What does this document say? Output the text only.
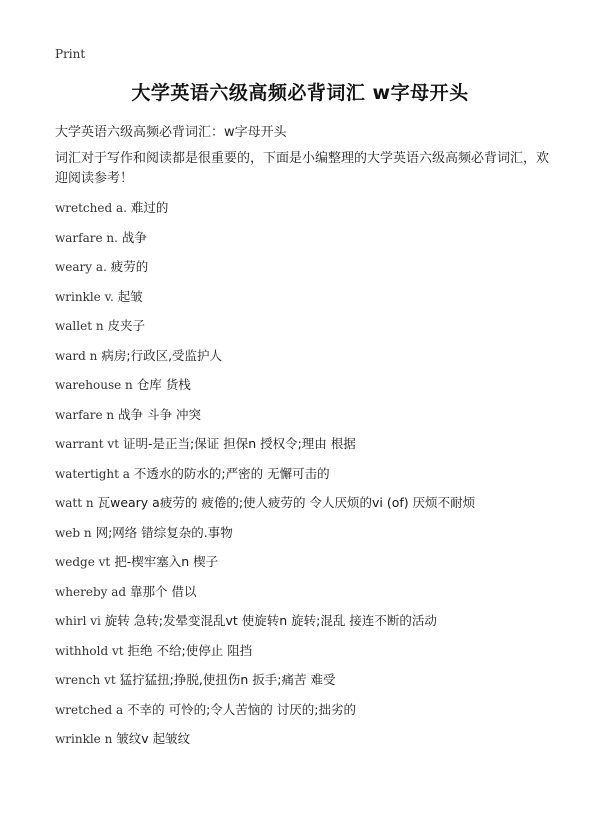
Print
大学英语六级高频必背词汇 w字母开头
大学英语六级高频必背词汇：w字母开头
词汇对于写作和阅读都是很重要的，下面是小编整理的大学英语六级高频必背词汇，欢迎阅读参考！
wretched a. 难过的
warfare n. 战争
weary a. 疲劳的
wrinkle v. 起皱
wallet n 皮夹子
ward n 病房;行政区,受监护人
warehouse n 仓库 货栈
warfare n 战争 斗争 冲突
warrant vt 证明-是正当;保证 担保n 授权令;理由 根据
watertight a 不透水的防水的;严密的 无懈可击的
watt n 瓦weary a疲劳的 疲倦的;使人疲劳的 令人厌烦的vi (of) 厌烦不耐烦
web n 网;网络 错综复杂的.事物
wedge vt 把-楔牢塞入n 楔子
whereby ad 靠那个 借以
whirl vi 旋转 急转;发晕变混乱vt 使旋转n 旋转;混乱 接连不断的活动
withhold vt 拒绝 不给;使停止 阻挡
wrench vt 猛拧猛扭;挣脱,使扭伤n 扳手;痛苦 难受
wretched a 不幸的 可怜的;令人苦恼的 讨厌的;拙劣的
wrinkle n 皱纹v 起皱纹
